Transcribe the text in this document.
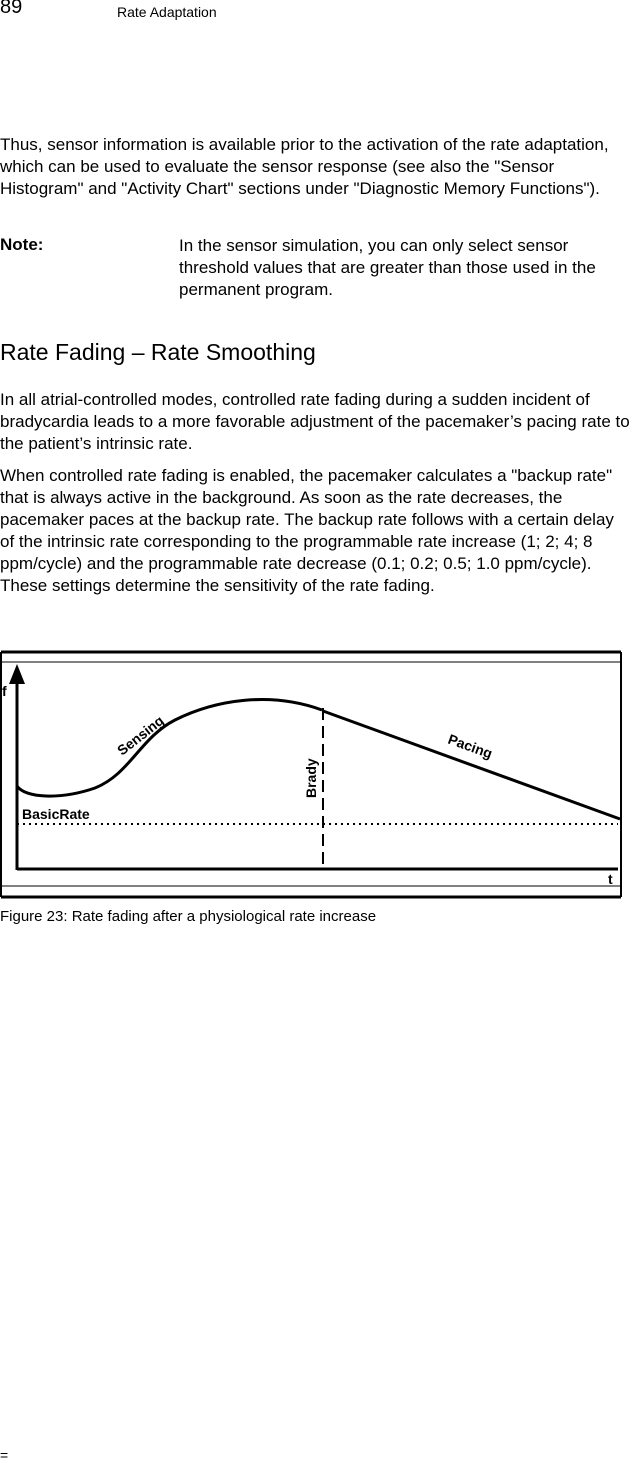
89	Rate Adaptation

Thus, sensor information is available prior to the activation of the rate adaptation, which can be used to evaluate the sensor response (see also the "Sensor Histogram" and "Activity Chart" sections under "Diagnostic Memory Functions").

Note:	In the sensor simulation, you can only select sensor threshold values that are greater than those used in the permanent program.

Rate Fading – Rate Smoothing

In all atrial-controlled modes, controlled rate fading during a sudden incident of bradycardia leads to a more favorable adjustment of the pacemaker’s pacing rate to the patient’s intrinsic rate.

When controlled rate fading is enabled, the pacemaker calculates a "backup rate" that is always active in the background. As soon as the rate decreases, the pacemaker paces at the backup rate. The backup rate follows with a certain delay of the intrinsic rate corresponding to the programmable rate increase (1; 2; 4; 8 ppm/cycle) and the programmable rate decrease (0.1; 0.2; 0.5; 1.0 ppm/cycle). These settings determine the sensitivity of the rate fading.

f
t
BasicRate
Sensing
Brady
Pacing
Figure 23: Rate fading after a physiological rate increase
=
